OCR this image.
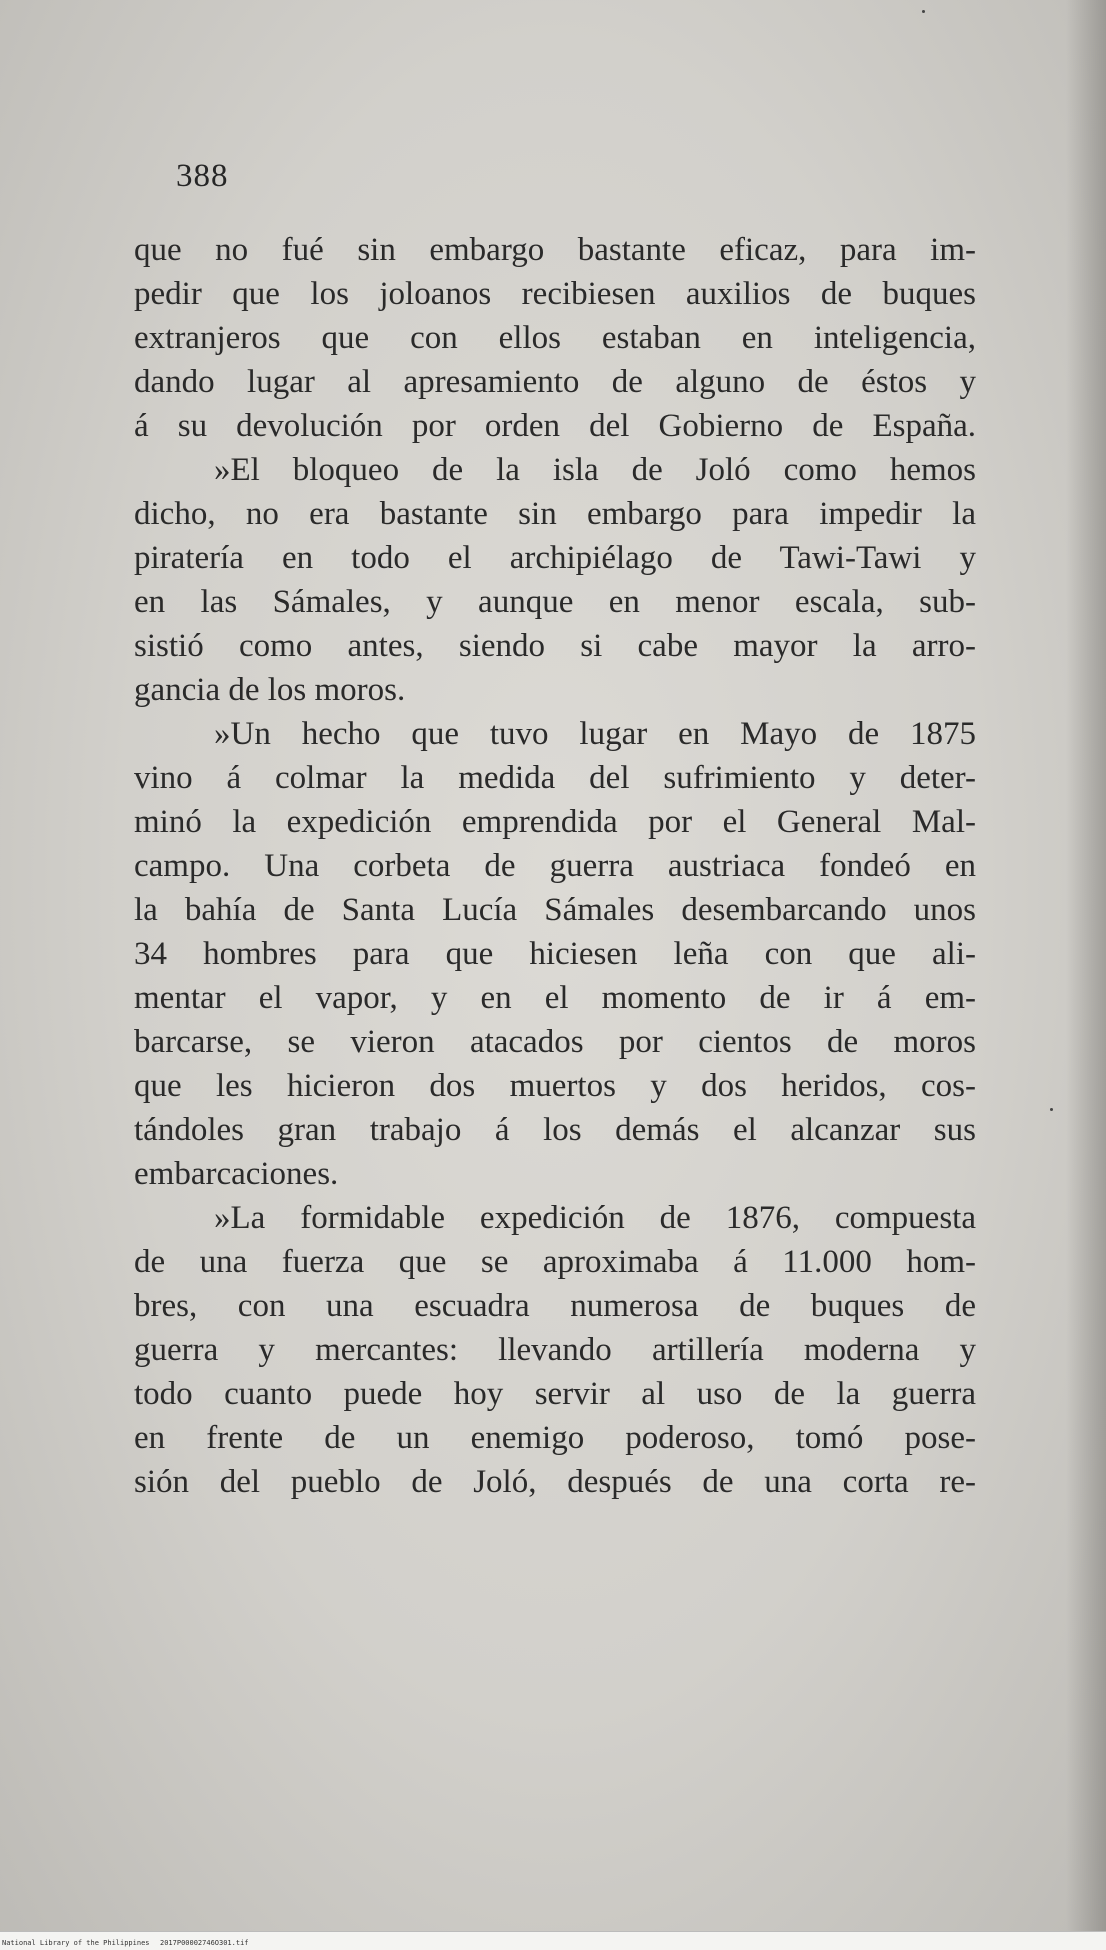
388
que no fué sin embargo bastante eficaz, para im-
pedir que los joloanos recibiesen auxilios de buques
extranjeros que con ellos estaban en inteligencia,
dando lugar al apresamiento de alguno de éstos y
á su devolución por orden del Gobierno de España.
»El bloqueo de la isla de Joló como hemos
dicho, no era bastante sin embargo para impedir la
piratería en todo el archipiélago de Tawi-Tawi y
en las Sámales, y aunque en menor escala, sub-
sistió como antes, siendo si cabe mayor la arro-
gancia de los moros.
»Un hecho que tuvo lugar en Mayo de 1875
vino á colmar la medida del sufrimiento y deter-
minó la expedición emprendida por el General Mal-
campo. Una corbeta de guerra austriaca fondeó en
la bahía de Santa Lucía Sámales desembarcando unos
34 hombres para que hiciesen leña con que ali-
mentar el vapor, y en el momento de ir á em-
barcarse, se vieron atacados por cientos de moros
que les hicieron dos muertos y dos heridos, cos-
tándoles gran trabajo á los demás el alcanzar sus
embarcaciones.
»La formidable expedición de 1876, compuesta
de una fuerza que se aproximaba á 11.000 hom-
bres, con una escuadra numerosa de buques de
guerra y mercantes: llevando artillería moderna y
todo cuanto puede hoy servir al uso de la guerra
en frente de un enemigo poderoso, tomó pose-
sión del pueblo de Joló, después de una corta re-
National Library of the Philippines 2017P00002746O301.tif
